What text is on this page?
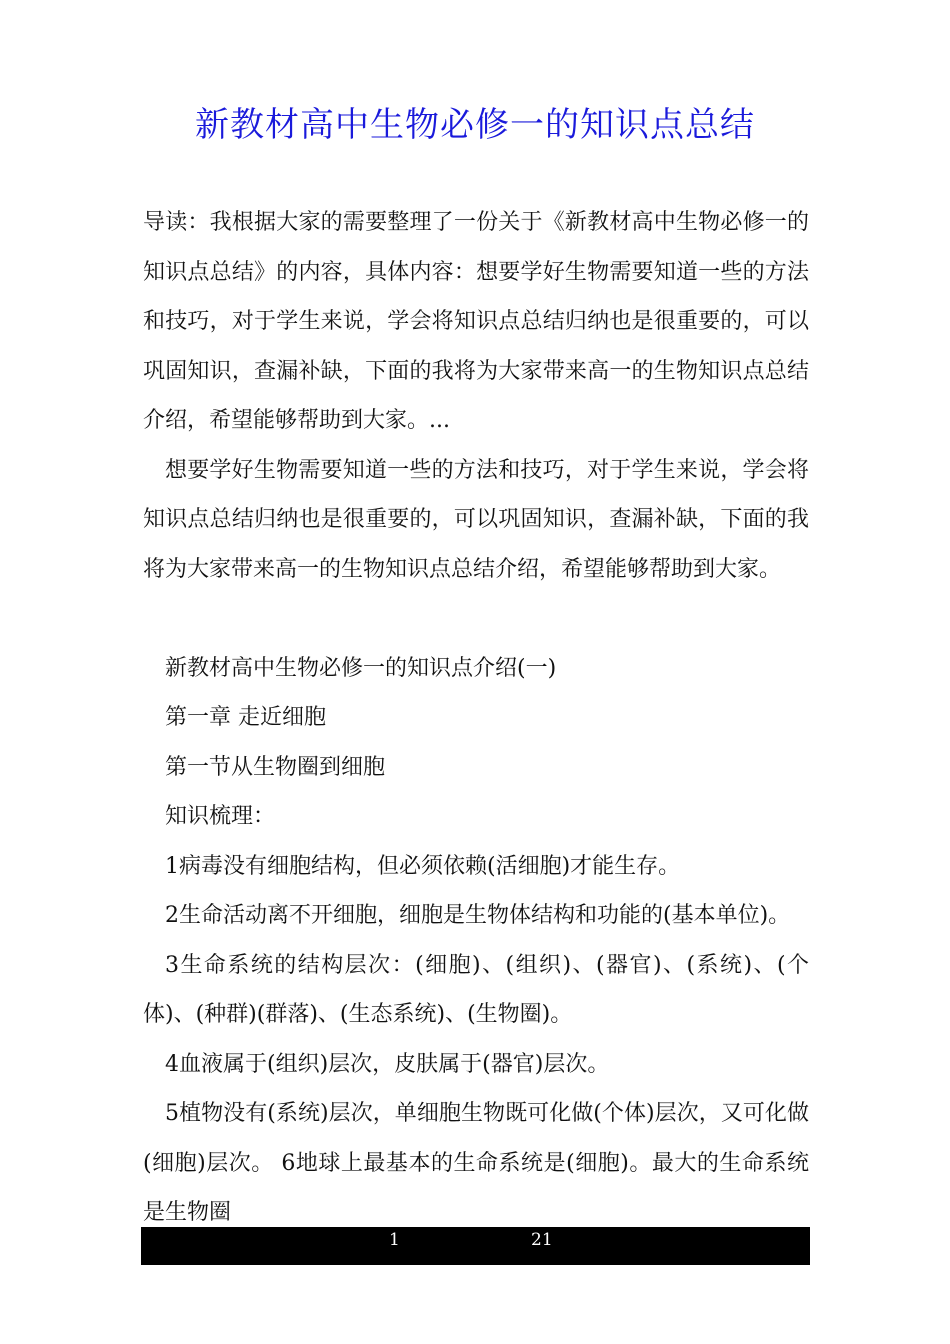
新教材高中生物必修一的知识点总结

导读：我根据大家的需要整理了一份关于《新教材高中生物必修一的知识点总结》的内容，具体内容：想要学好生物需要知道一些的方法和技巧，对于学生来说，学会将知识点总结归纳也是很重要的，可以巩固知识，查漏补缺，下面的我将为大家带来高一的生物知识点总结介绍，希望能够帮助到大家。...

想要学好生物需要知道一些的方法和技巧，对于学生来说，学会将知识点总结归纳也是很重要的，可以巩固知识，查漏补缺，下面的我将为大家带来高一的生物知识点总结介绍，希望能够帮助到大家。

新教材高中生物必修一的知识点介绍(一)

第一章 走近细胞

第一节从生物圈到细胞

知识梳理：

1病毒没有细胞结构，但必须依赖(活细胞)才能生存。

2生命活动离不开细胞，细胞是生物体结构和功能的(基本单位)。

3生命系统的结构层次：(细胞)、(组织)、(器官)、(系统)、(个体)、(种群)(群落)、(生态系统)、(生物圈)。

4血液属于(组织)层次，皮肤属于(器官)层次。

5植物没有(系统)层次，单细胞生物既可化做(个体)层次，又可化做(细胞)层次。 6地球上最基本的生命系统是(细胞)。最大的生命系统是生物圈

1	21
